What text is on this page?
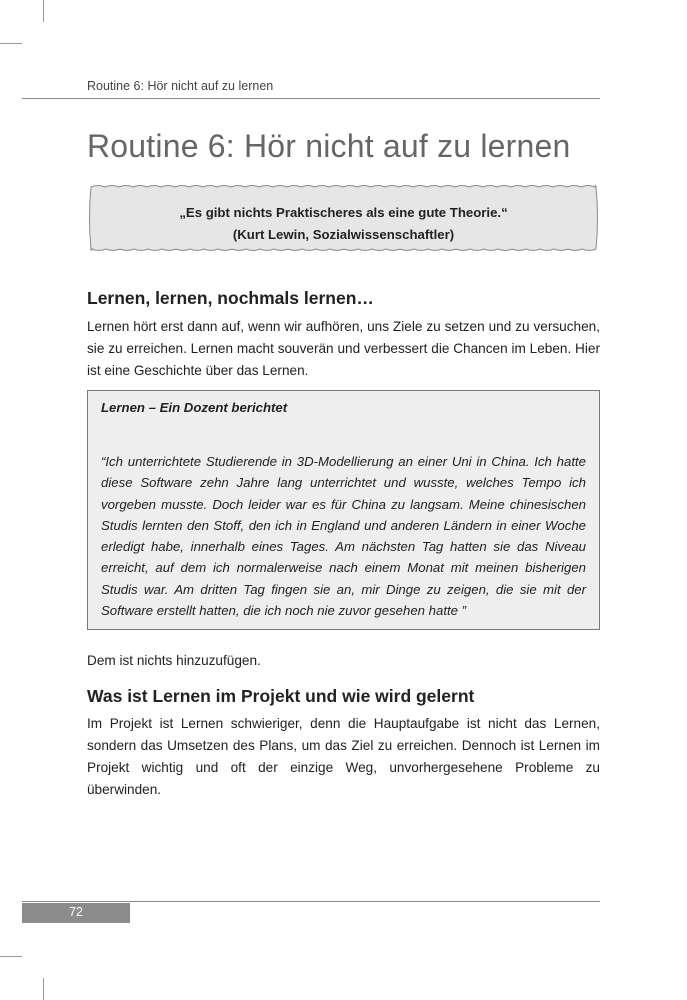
Routine 6: Hör nicht auf zu lernen
Routine 6: Hör nicht auf zu lernen
„Es gibt nichts Praktischeres als eine gute Theorie.“
(Kurt Lewin, Sozialwissenschaftler)
Lernen, lernen, nochmals lernen…

Lernen hört erst dann auf, wenn wir aufhören, uns Ziele zu setzen und zu versuchen, sie zu erreichen. Lernen macht souverän und verbessert die Chancen im Leben. Hier ist eine Geschichte über das Lernen.

Lernen – Ein Dozent berichtet

“Ich unterrichtete Studierende in 3D-Modellierung an einer Uni in China. Ich hatte diese Software zehn Jahre lang unterrichtet und wusste, welches Tempo ich vorgeben musste. Doch leider war es für China zu langsam. Meine chinesischen Studis lernten den Stoff, den ich in England und anderen Ländern in einer Woche erledigt habe, innerhalb eines Tages. Am nächsten Tag hatten sie das Niveau erreicht, auf dem ich normalerweise nach einem Monat mit meinen bisherigen Studis war. Am dritten Tag fingen sie an, mir Dinge zu zeigen, die sie mit der Software erstellt hatten, die ich noch nie zuvor gesehen hatte ”

Dem ist nichts hinzuzufügen.

Was ist Lernen im Projekt und wie wird gelernt

Im Projekt ist Lernen schwieriger, denn die Hauptaufgabe ist nicht das Lernen, sondern das Umsetzen des Plans, um das Ziel zu erreichen. Dennoch ist Lernen im Projekt wichtig und oft der einzige Weg, unvorhergesehene Probleme zu überwinden.

72
